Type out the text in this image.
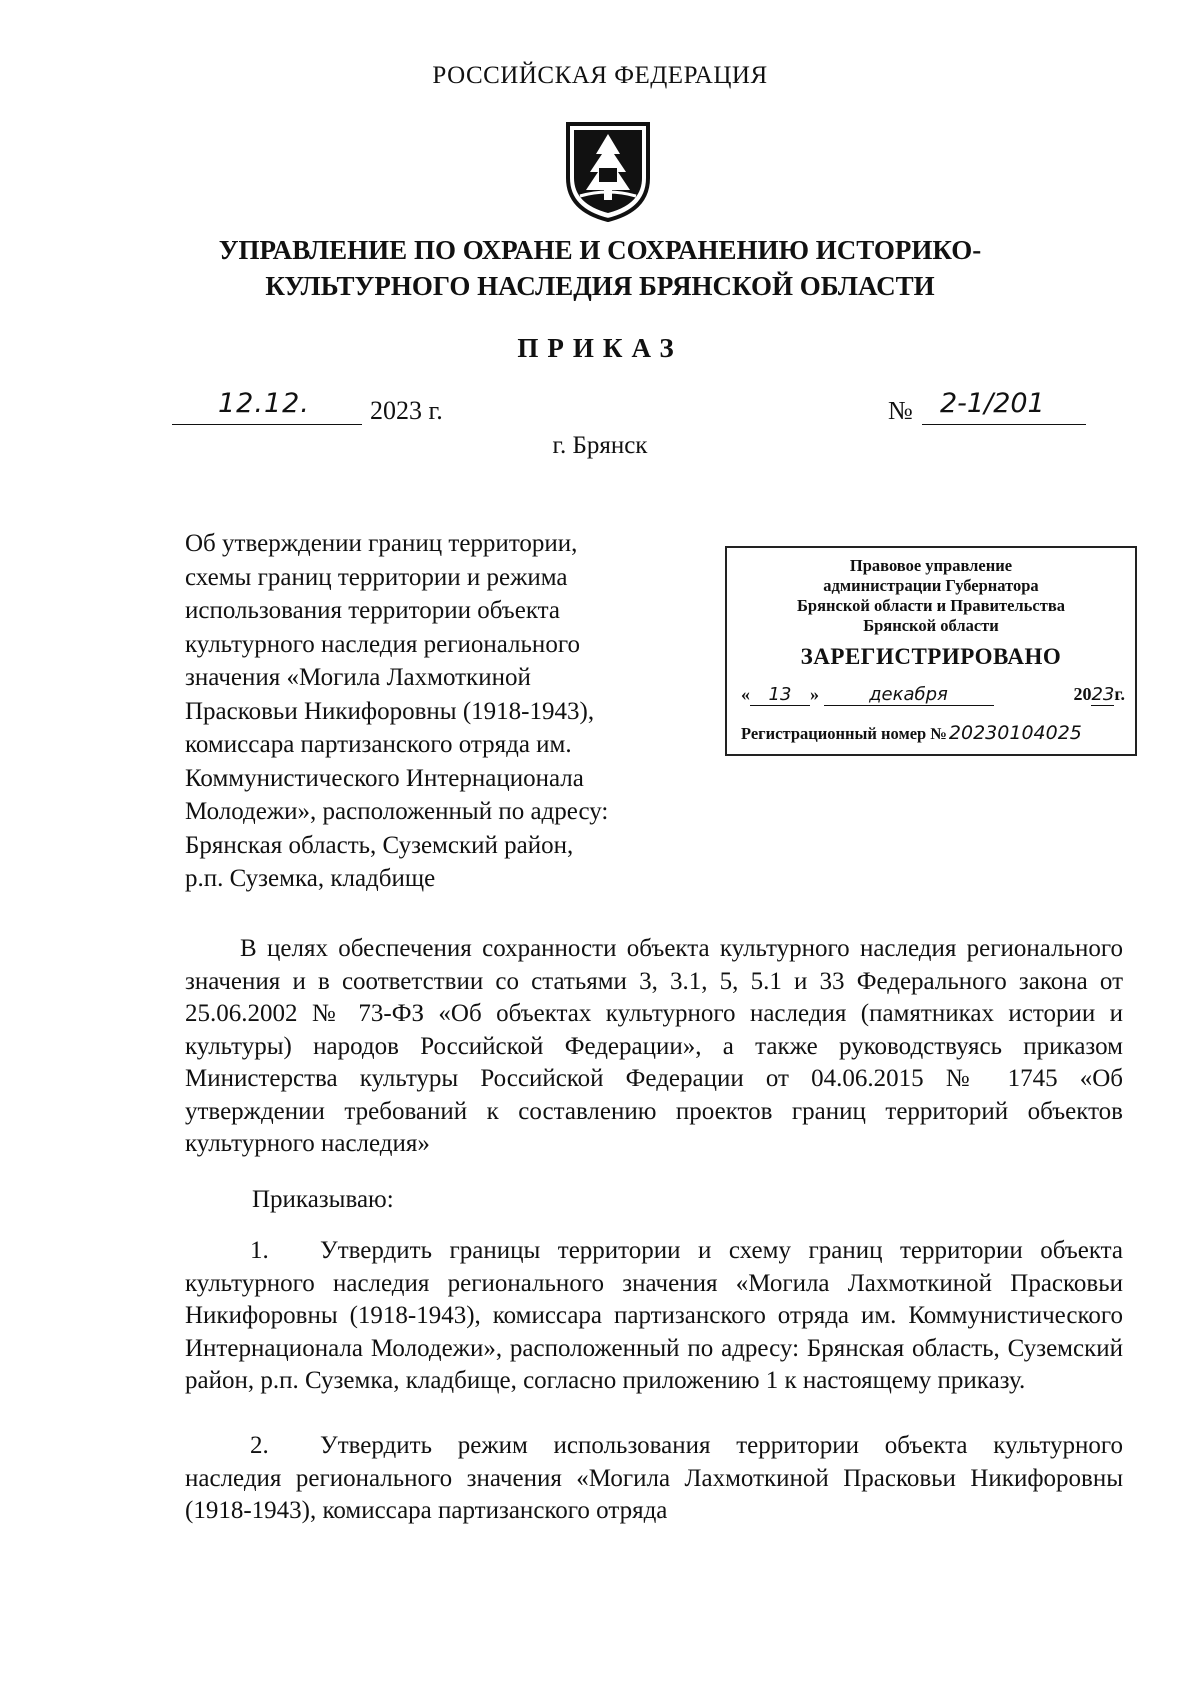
РОССИЙСКАЯ ФЕДЕРАЦИЯ
УПРАВЛЕНИЕ ПО ОХРАНЕ И СОХРАНЕНИЮ ИСТОРИКО-
КУЛЬТУРНОГО НАСЛЕДИЯ БРЯНСКОЙ ОБЛАСТИ
ПРИКАЗ
12.12. 2023 г.	№ 2-1/201
г. Брянск
Об утверждении границ территории,
схемы границ территории и режима
использования территории объекта
культурного наследия регионального
значения «Могила Лахмоткиной
Прасковьи Никифоровны (1918-1943),
комиссара партизанского отряда им.
Коммунистического Интернационала
Молодежи», расположенный по адресу:
Брянская область, Суземский район,
р.п. Суземка, кладбище
Правовое управление
администрации Губернатора
Брянской области и Правительства
Брянской области
ЗАРЕГИСТРИРОВАНО
« 13 »	декабря	2023г.
Регистрационный номер № 20230104025
В целях обеспечения сохранности объекта культурного наследия регионального значения и в соответствии со статьями 3, 3.1, 5, 5.1 и 33 Федерального закона от 25.06.2002 № 73-ФЗ «Об объектах культурного наследия (памятниках истории и культуры) народов Российской Федерации», а также руководствуясь приказом Министерства культуры Российской Федерации от 04.06.2015 № 1745 «Об утверждении требований к составлению проектов границ территорий объектов культурного наследия»
Приказываю:
1. Утвердить границы территории и схему границ территории объекта культурного наследия регионального значения «Могила Лахмоткиной Прасковьи Никифоровны (1918-1943), комиссара партизанского отряда им. Коммунистического Интернационала Молодежи», расположенный по адресу: Брянская область, Суземский район, р.п. Суземка, кладбище, согласно приложению 1 к настоящему приказу.
2. Утвердить режим использования территории объекта культурного наследия регионального значения «Могила Лахмоткиной Прасковьи Никифоровны (1918-1943), комиссара партизанского отряда
